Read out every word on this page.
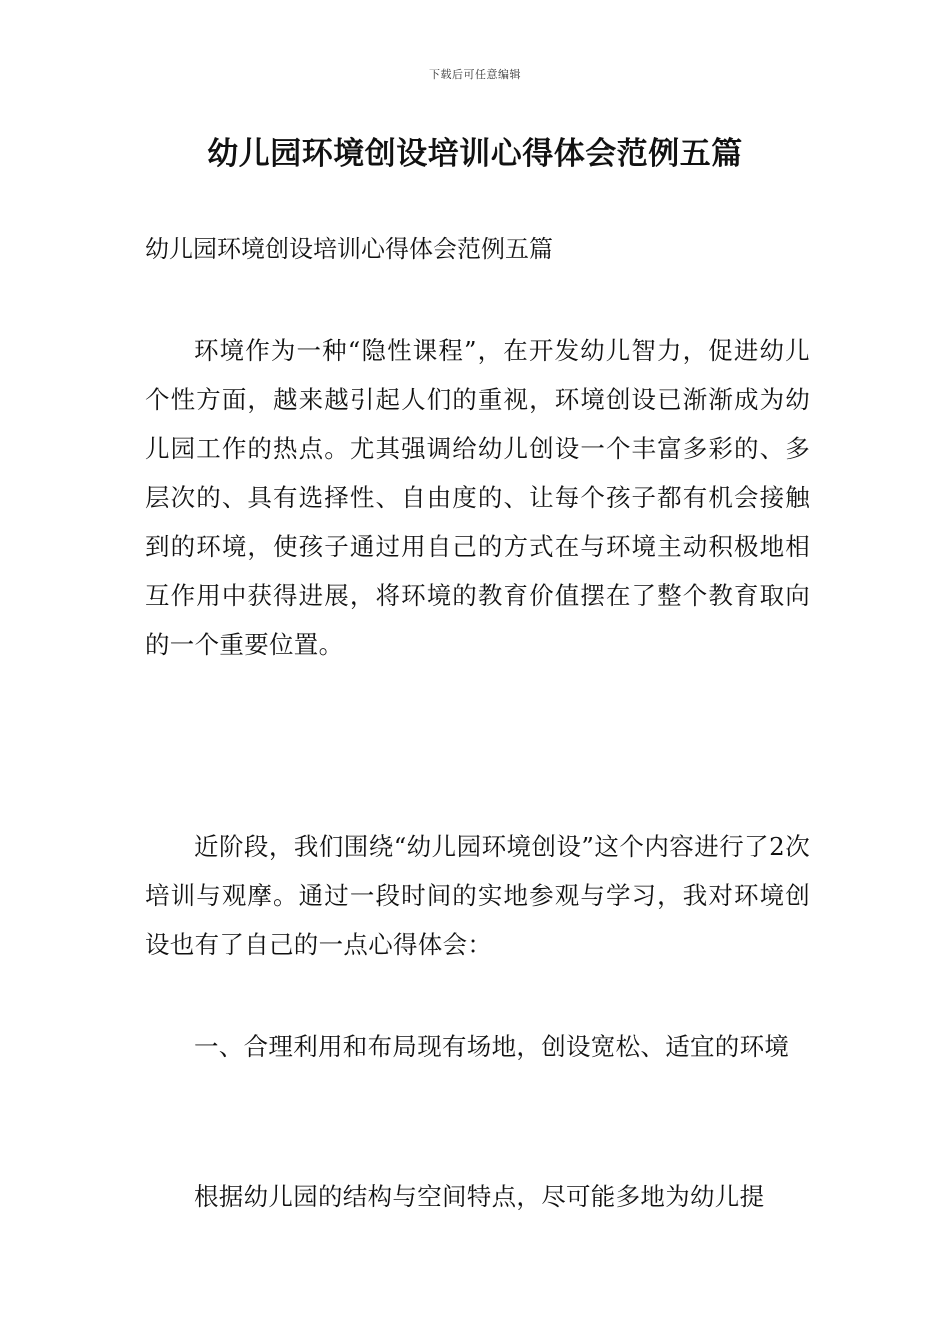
下载后可任意编辑
幼儿园环境创设培训心得体会范例五篇

幼儿园环境创设培训心得体会范例五篇

环境作为一种“隐性课程”，在开发幼儿智力，促进幼儿个性方面，越来越引起人们的重视，环境创设已渐渐成为幼儿园工作的热点。尤其强调给幼儿创设一个丰富多彩的、多层次的、具有选择性、自由度的、让每个孩子都有机会接触到的环境，使孩子通过用自己的方式在与环境主动积极地相互作用中获得进展，将环境的教育价值摆在了整个教育取向的一个重要位置。

近阶段，我们围绕“幼儿园环境创设”这个内容进行了2次培训与观摩。通过一段时间的实地参观与学习，我对环境创设也有了自己的一点心得体会：

一、合理利用和布局现有场地，创设宽松、适宜的环境

根据幼儿园的结构与空间特点，尽可能多地为幼儿提
